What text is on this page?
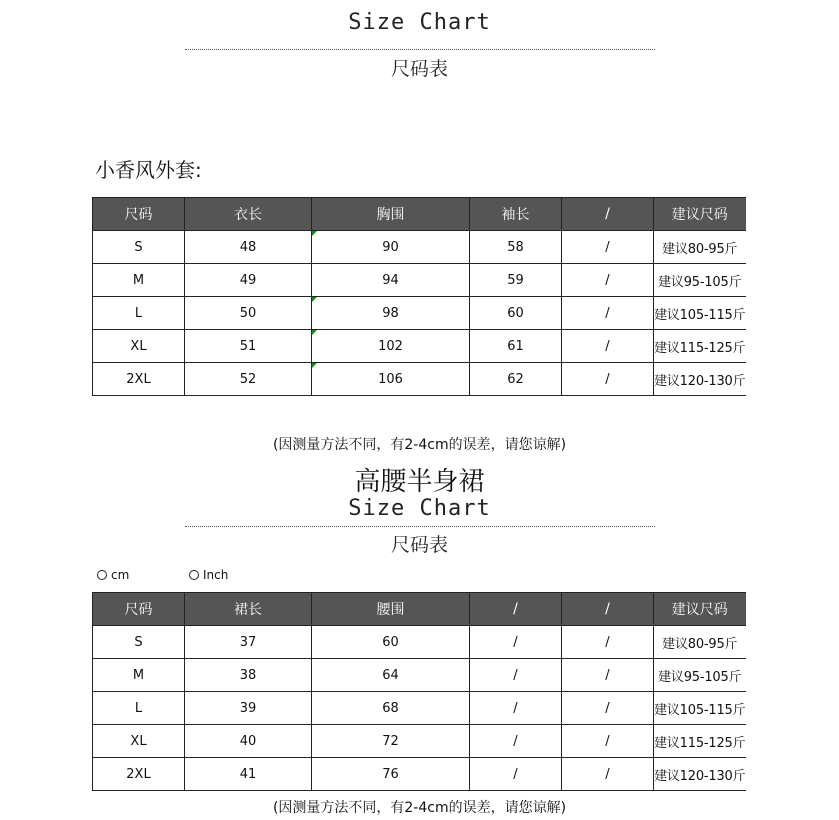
Size Chart
尺码表
小香风外套:
尺码	衣长	胸围	袖长	/	建议尺码
S	48	90	58	/	建议80-95斤
M	49	94	59	/	建议95-105斤
L	50	98	60	/	建议105-115斤
XL	51	102	61	/	建议115-125斤
2XL	52	106	62	/	建议120-130斤
(因测量方法不同，有2-4cm的误差，请您谅解)
高腰半身裙
Size Chart
尺码表
cm	Inch
尺码	裙长	腰围	/	/	建议尺码
S	37	60	/	/	建议80-95斤
M	38	64	/	/	建议95-105斤
L	39	68	/	/	建议105-115斤
XL	40	72	/	/	建议115-125斤
2XL	41	76	/	/	建议120-130斤
(因测量方法不同，有2-4cm的误差，请您谅解)
